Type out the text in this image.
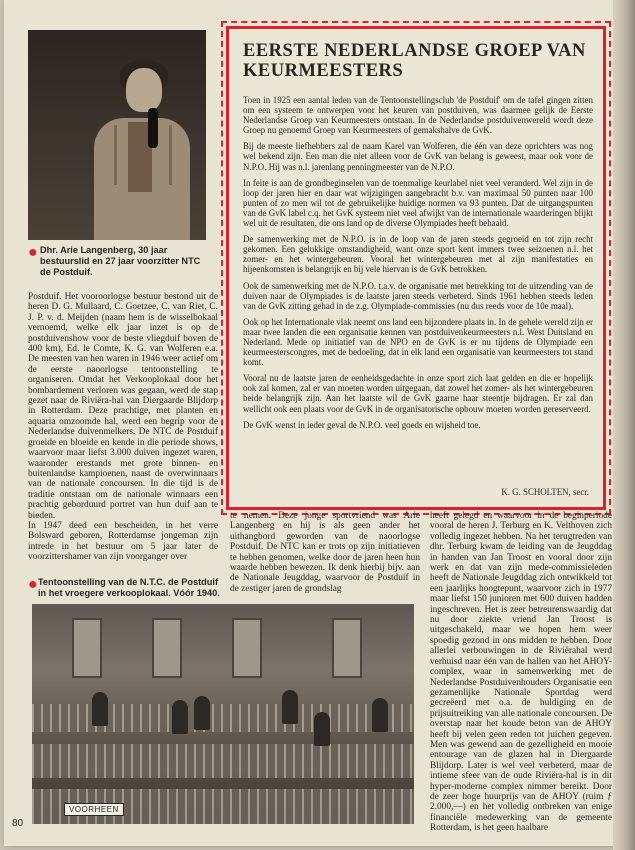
● Dhr. Arie Langenberg, 30 jaar bestuurslid en 27 jaar voorzitter NTC de Postduif.

Postduif. Het vooroorlogse bestuur bestond uit de heren D. G. Mullaard, C. Goetzee, C. van Riet, C. J. P. v. d. Meijden (naam hem is de wisselbokaal vernoemd, welke elk jaar inzet is op de postduivenshow voor de beste vliegduif boven de 400 km), Ed. le Comte, K. G. van Wolferen e.a. De meesten van hen waren in 1946 weer actief om de eerste naoorlogse tentoonstelling te organiseren. Omdat het Verkooplokaal door het bombardement verloren was gegaan, werd de stap gezet naar de Riviëra-hal van Diergaarde Blijdorp in Rotterdam. Deze prachtige, met planten en aquaria omzoomde hal, werd een begrip voor de Nederlandse duivenmelkers. De NTC de Postduif groeide en bloeide en kende in die periode shows, waarvoor maar liefst 3.000 duiven ingezet waren, waaronder erestands met grote binnen- en buitenlandse kampioenen, naast de overwinnaars van de nationale concoursen. In die tijd is de traditie ontstaan om de nationale winnaars een prachtig geborduurd portret van hun duif aan te bieden.

In 1947 deed een bescheiden, in het verre Bolsward geboren, Rotterdamse jongeman zijn intrede in het bestuur om 5 jaar later de voorzittershamer van zijn voorganger over

EERSTE NEDERLANDSE GROEP VAN KEURMEESTERS

Toen in 1925 een aantal leden van de Tentoonstellingsclub 'de Postduif' om de tafel gingen zitten om een systeem te ontwerpen voor het keuren van postduiven, was daarmee gelijk de Eerste Nederlandse Groep van Keurmeesters ontstaan. In de Nederlandse postduivenwereld wordt deze Groep nu genoemd Groep van Keurmeesters of gemakshalve de GvK.

Bij de meeste liefhebbers zal de naam Karel van Wolferen, die één van deze oprichters was nog wel bekend zijn. Een man die niet alleen voor de GvK van belang is geweest, maar ook voor de N.P.O. Hij was n.l. jarenlang penningmeester van de N.P.O.

In feite is aan de grondbeginselen van de toenmalige keurlabel niet veel veranderd. Wel zijn in de loop der jaren hier en daar wat wijzigingen aangebracht b.v. van maximaal 50 punten naar 100 punten of zo men wil tot de gebruikelijke huidige normen va 93 punten. Dat de uitgangspunten van de GvK label c.q. het GvK systeem niet veel afwijkt van de internationale waarderingen blijkt wel uit de resultaten, die ons land op de diverse Olympiades heeft behaald.

De samenwerking met de N.P.O. is in de loop van de jaren steeds gegroeid en tot zijn recht gekomen. Een gelukkige omstandigheid, want onze sport kent immers twee seizoenen n.l. het zomer- en het wintergebeuren. Vooral het wintergebeuren met al zijn manifestaties en hijeenkomsten is belangrijk en bij vele hiervan is de GvK betrokken.

Ook de samenwerking met de N.P.O. t.a.v. de organisatie met betrekking tot de uitzending van de duiven naar de Olympiades is de laatste jaren steeds verbeterd. Sinds 1961 hebben steeds leden van de GvK zitting gehad in de z.g. Olympiade-commissies (nu dus reeds voor de 10e maal).

Ook op het Internationale vlak neemt ons land een bijzondere plaats in. In de gehele wereld zijn er maar twee landen die een organisatie kennen van postduivenkeurmeesters n.l. West Duitsland en Nederland. Mede op initiatief van de NPO en de GvK is er nu tijdens de Olympiade een keurmeesterscongres, met de bedoeling, dat in elk land een organisatie van keurmeesters tot stand komt.

Vooral nu de laatste jaren de eenheidsgedachte in onze sport zich laat gelden en die er hopelijk ook zal komen, zal er van moeten worden uitgegaan, dat zowel het zomer- als het wintergebeuren beide belangrijk zijn. Aan het laatste wil de GvK gaarne haar steentje bijdragen. Er zal dan wellicht ook een plaats voor de GvK in de organisatorische opbouw moeten worden gereserveerd.

De GvK wenst in ieder geval de N.P.O. veel goeds en wijsheid toe.

K. G. SCHOLTEN, secr.

te nemen. Deze jonge sportvriend was Arie Langenberg en hij is als geen ander het uithangbord geworden van de naoorlogse Postduif. De NTC kan er trots op zijn initiatieven te hebben genomen, welke door de jaren heen hun waarde hebben bewezen. Ik denk hierbij bijv. aan de Nationale Jeugddag, waarvoor de Postduif in de zestiger jaren de grondslag

heeft gelegd en waarvoor in de beginperiode vooral de heren J. Terburg en K. Velthoven zich volledig ingezet hebben. Na het terugtreden van dhr. Terburg kwam de leiding van de Jeugddag in handen van Jan Troost en vooral door zijn werk en dat van zijn mede-commissieleden heeft de Nationale Jeugddag zich ontwikkeld tot een jaarlijks hoogtepunt, waarvoor zich in 1977 maar liefst 150 junioren met 600 duiven hadden ingeschreven. Het is zeer betreurenswaardig dat nu door ziekte vriend Jan Troost is uitgeschakeld, maar we hopen hem weer spoedig gezond in ons midden te hebben. Door allerlei verbouwingen in de Riviërahal werd verhuisd naar één van de hallen van het AHOY-complex, waar in samenwerking met de Nederlandse Postduivenhouders Organisatie een gezamenlijke Nationale Sportdag werd gecreëerd met o.a. de huldiging en de prijsuitreiking van alle nationale concoursen. De overstap naar het koude beton van de AHOY heeft bij velen geen reden tot juichen gegeven. Men was gewend aan de gezelligheid en mooie entourage van de glazen hal in Diergaarde Blijdorp. Later is wel veel verbeterd, maar de intieme sfeer van de oude Riviëra-hal is in dit hyper-moderne complex nimmer bereikt. Door de zeer hoge huurprijs van de AHOY (ruim ƒ 2.000,—) en het volledig ontbreken van enige financiële medewerking van de gemeente Rotterdam, is het geen haalbare

● Tentoonstelling van de N.T.C. de Postduif in het vroegere verkooplokaal. Vóór 1940.

VOORHEEN
80
